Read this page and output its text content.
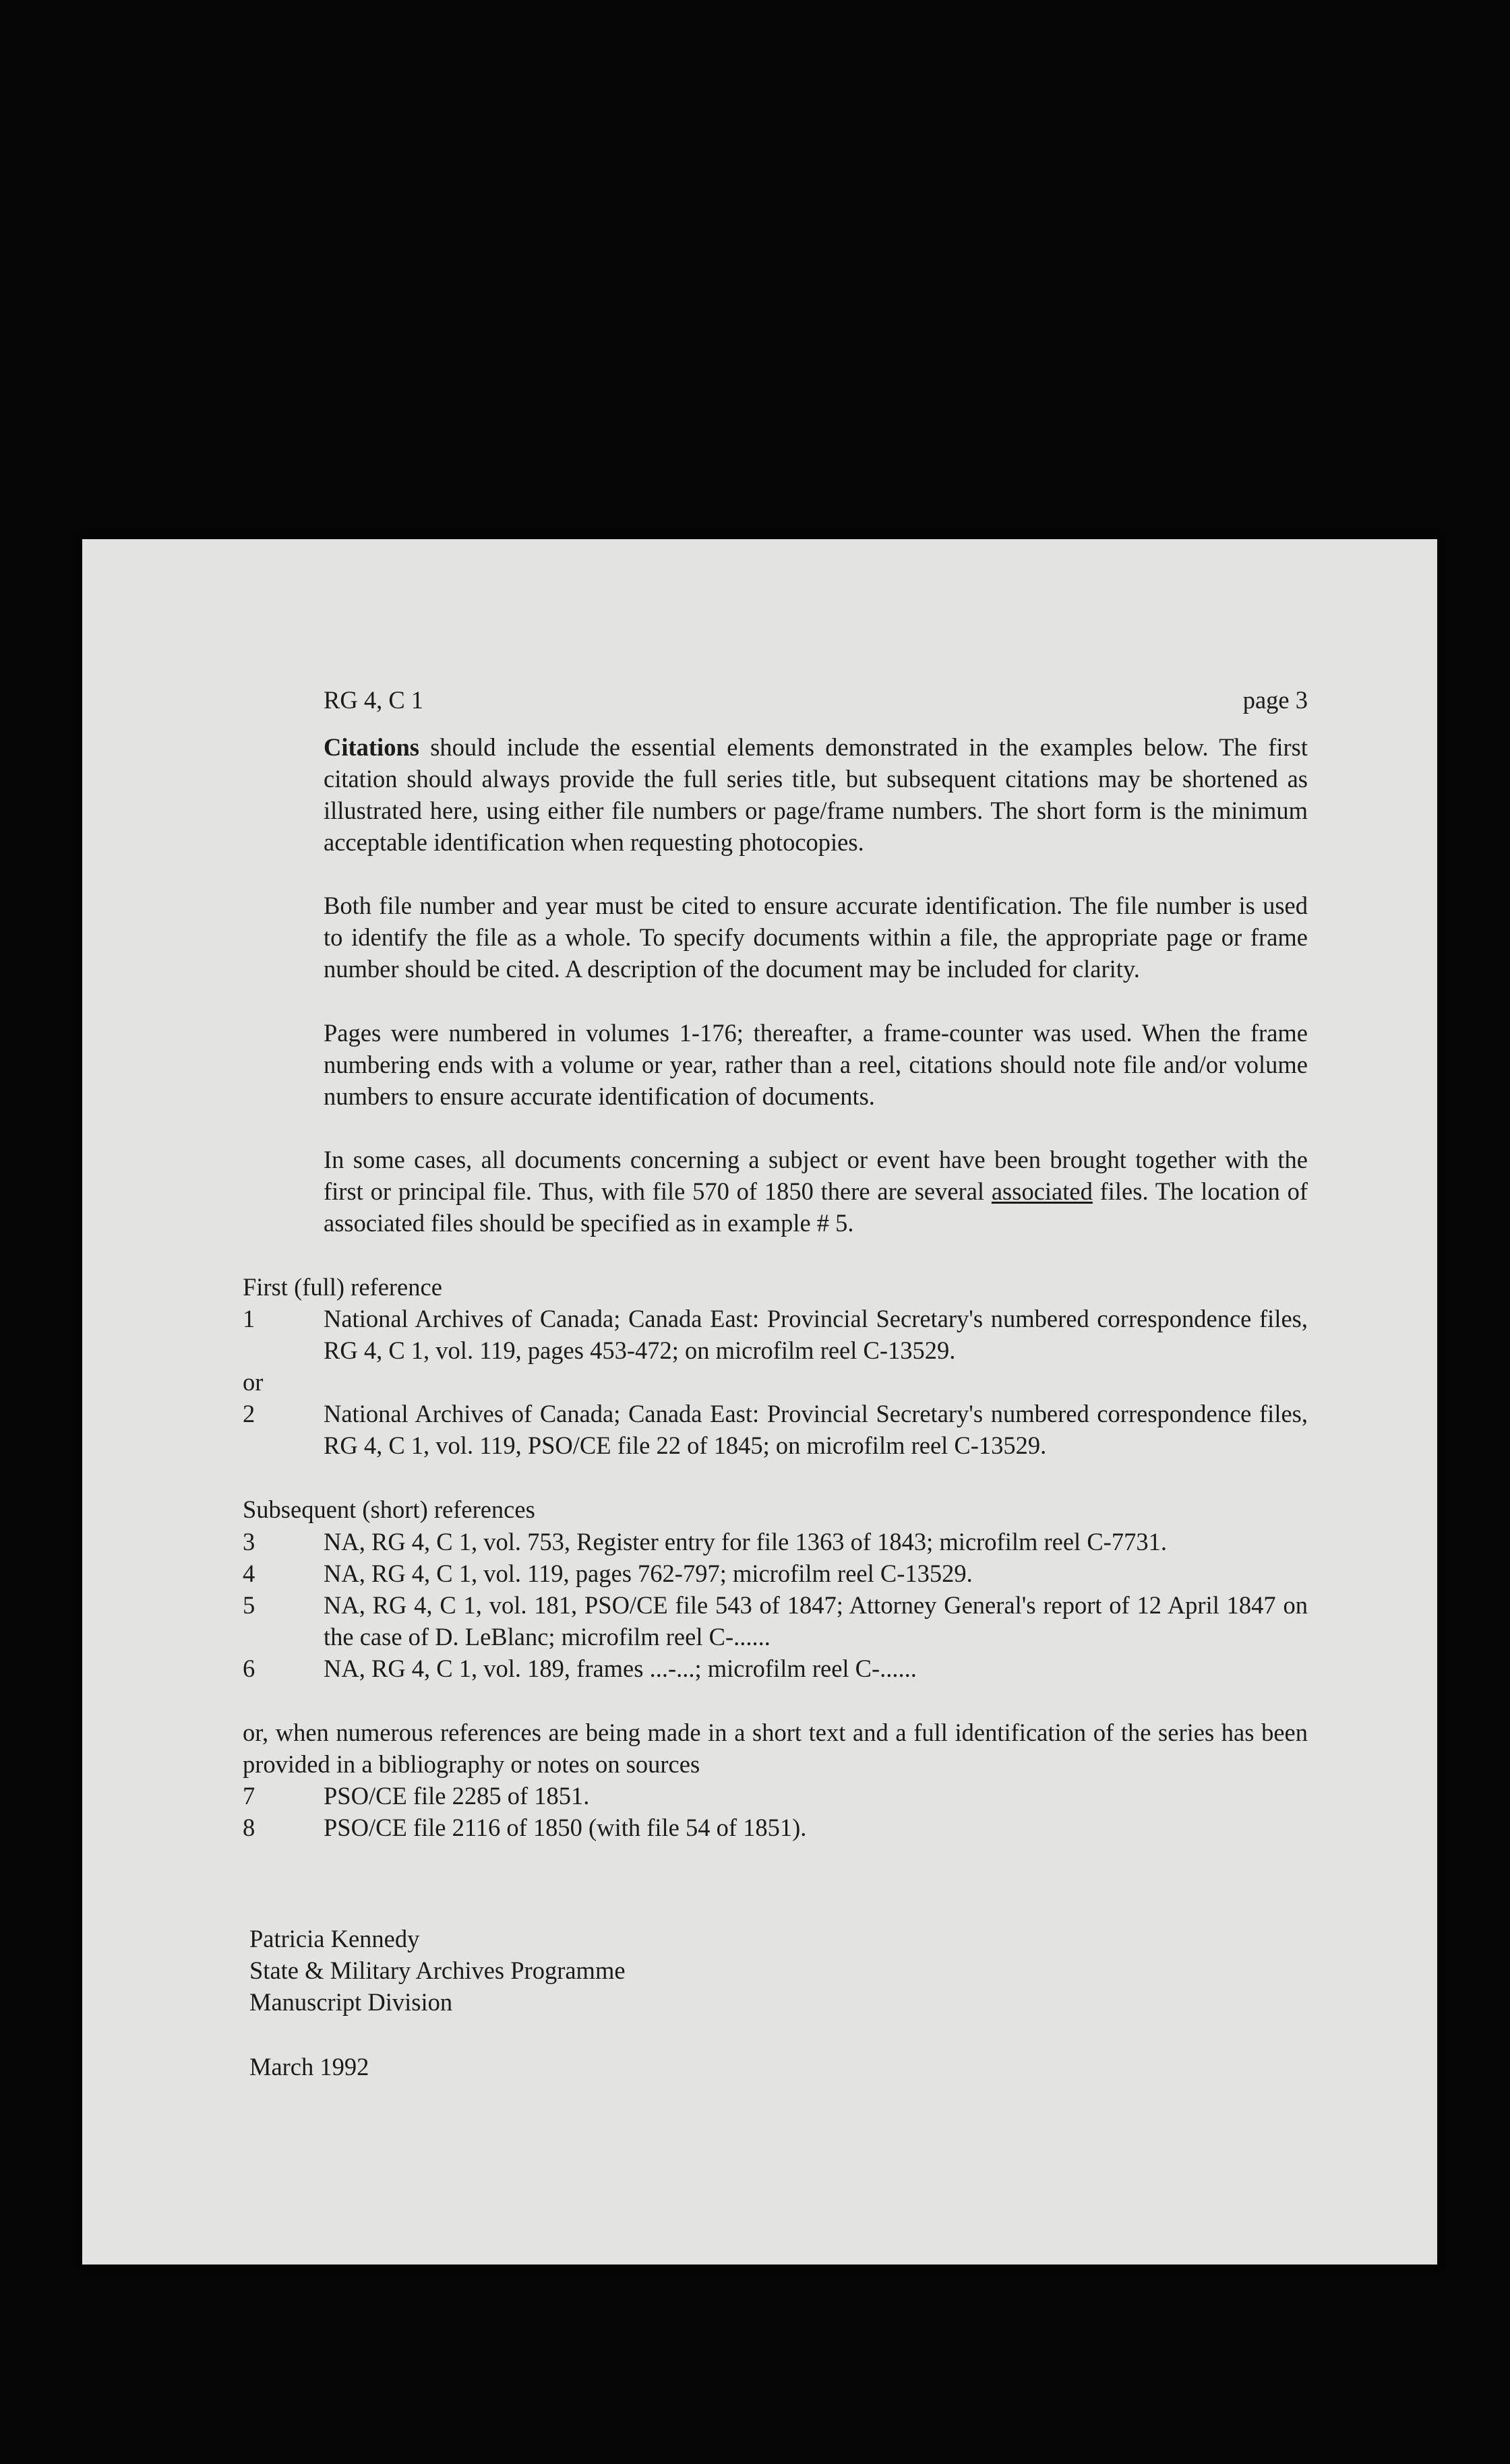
RG 4, C 1	page 3

Citations should include the essential elements demonstrated in the examples below. The first citation should always provide the full series title, but subsequent citations may be shortened as illustrated here, using either file numbers or page/frame numbers. The short form is the minimum acceptable identification when requesting photocopies.

Both file number and year must be cited to ensure accurate identification. The file number is used to identify the file as a whole. To specify documents within a file, the appropriate page or frame number should be cited. A description of the document may be included for clarity.

Pages were numbered in volumes 1-176; thereafter, a frame-counter was used. When the frame numbering ends with a volume or year, rather than a reel, citations should note file and/or volume numbers to ensure accurate identification of documents.

In some cases, all documents concerning a subject or event have been brought together with the first or principal file. Thus, with file 570 of 1850 there are several associated files. The location of associated files should be specified as in example # 5.

First (full) reference
1	National Archives of Canada; Canada East: Provincial Secretary's numbered correspondence files, RG 4, C 1, vol. 119, pages 453-472; on microfilm reel C-13529.
or
2	National Archives of Canada; Canada East: Provincial Secretary's numbered correspondence files, RG 4, C 1, vol. 119, PSO/CE file 22 of 1845; on microfilm reel C-13529.
Subsequent (short) references
3	NA, RG 4, C 1, vol. 753, Register entry for file 1363 of 1843; microfilm reel C-7731.
4	NA, RG 4, C 1, vol. 119, pages 762-797; microfilm reel C-13529.
5	NA, RG 4, C 1, vol. 181, PSO/CE file 543 of 1847; Attorney General's report of 12 April 1847 on the case of D. LeBlanc; microfilm reel C-......
6	NA, RG 4, C 1, vol. 189, frames ...-...; microfilm reel C-......
or, when numerous references are being made in a short text and a full identification of the series has been provided in a bibliography or notes on sources
7	PSO/CE file 2285 of 1851.
8	PSO/CE file 2116 of 1850 (with file 54 of 1851).
Patricia Kennedy
State & Military Archives Programme
Manuscript Division
March 1992
